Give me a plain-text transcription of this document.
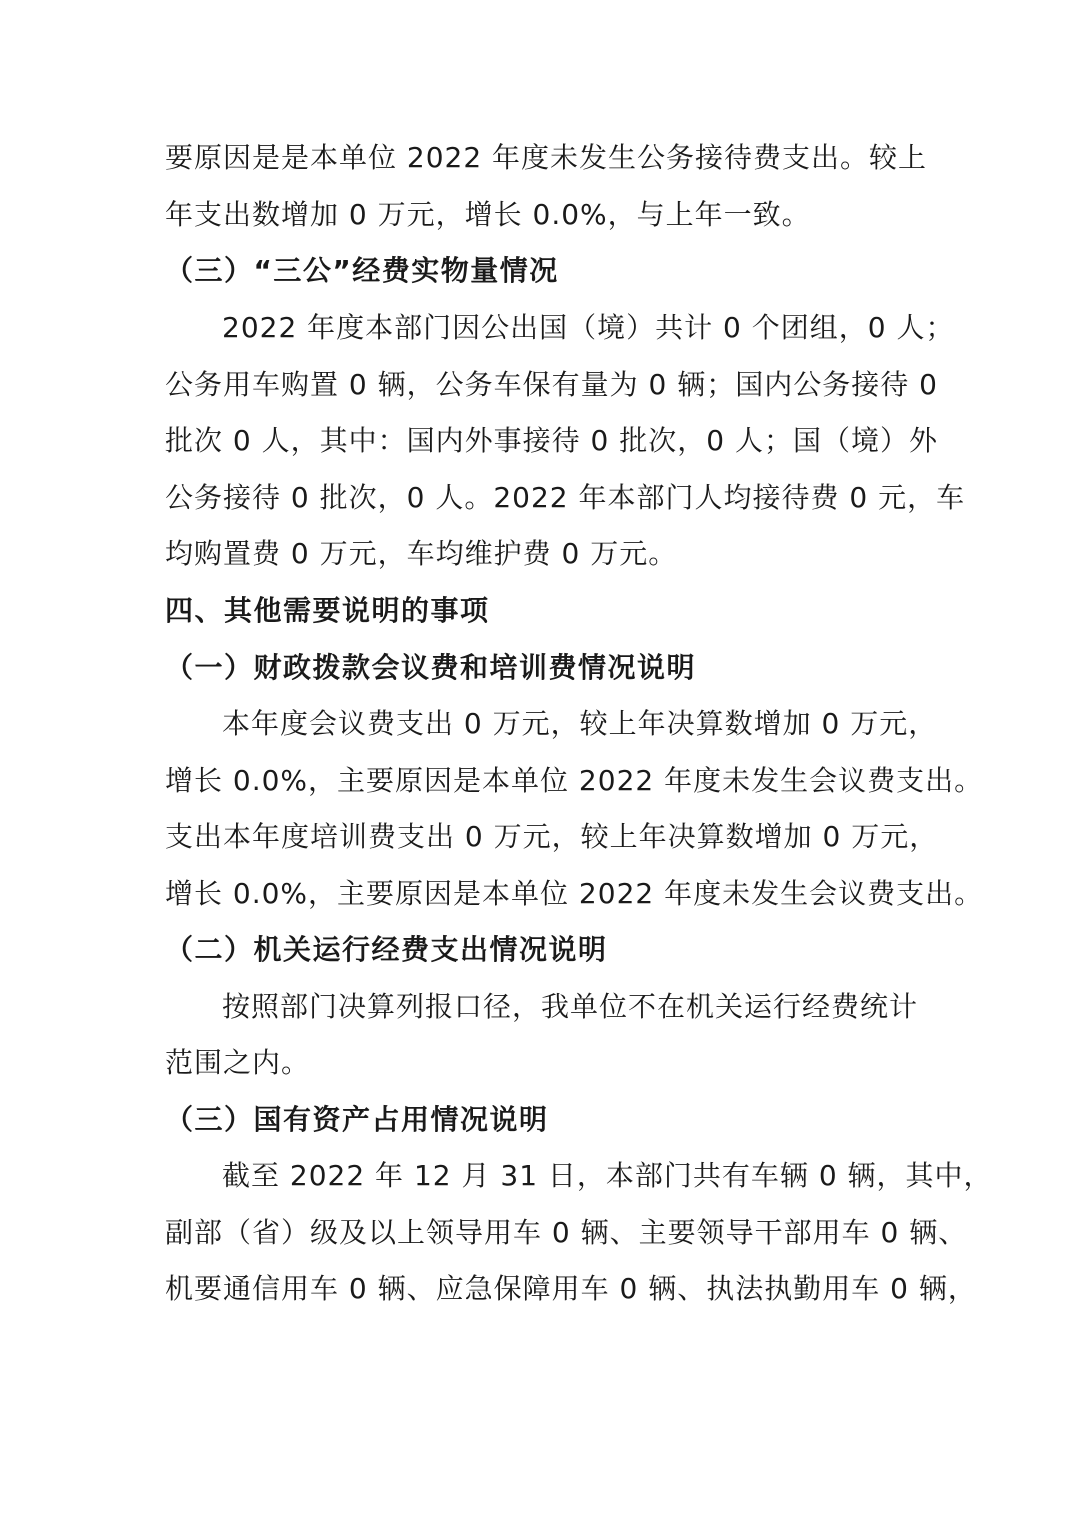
要原因是是本单位 2022 年度未发生公务接待费支出。较上
年支出数增加 0 万元，增长 0.0%，与上年一致。
（三）“三公”经费实物量情况
2022 年度本部门因公出国（境）共计 0 个团组，0 人；
公务用车购置 0 辆，公务车保有量为 0 辆；国内公务接待 0
批次 0 人，其中：国内外事接待 0 批次，0 人；国（境）外
公务接待 0 批次，0 人。2022 年本部门人均接待费 0 元，车
均购置费 0 万元，车均维护费 0 万元。
四、其他需要说明的事项
（一）财政拨款会议费和培训费情况说明
本年度会议费支出 0 万元，较上年决算数增加 0 万元，
增长 0.0%，主要原因是本单位 2022 年度未发生会议费支出。
支出本年度培训费支出 0 万元，较上年决算数增加 0 万元，
增长 0.0%，主要原因是本单位 2022 年度未发生会议费支出。
（二）机关运行经费支出情况说明
按照部门决算列报口径，我单位不在机关运行经费统计
范围之内。
（三）国有资产占用情况说明
截至 2022 年 12 月 31 日，本部门共有车辆 0 辆，其中，
副部（省）级及以上领导用车 0 辆、主要领导干部用车 0 辆、
机要通信用车 0 辆、应急保障用车 0 辆、执法执勤用车 0 辆，
